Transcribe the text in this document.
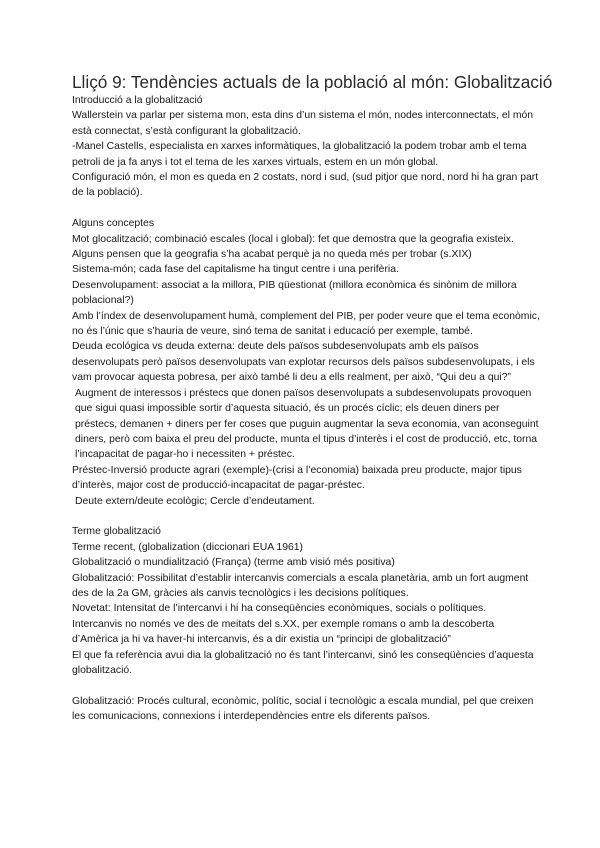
Lliçó 9: Tendències actuals de la població al món: Globalització

Introducció a la globalització

Wallerstein va parlar per sistema mon, esta dins d’un sistema el món, nodes interconnectats, el món està connectat, s’està configurant la globalització.

-Manel Castells, especialista en xarxes informàtiques, la globalització la podem trobar amb el tema petroli de ja fa anys i tot el tema de les xarxes virtuals, estem en un món global.

Configuració món, el mon es queda en 2 costats, nord i sud, (sud pitjor que nord, nord hi ha gran part de la població).

Alguns conceptes

Mot glocalització; combinació escales (local i global): fet que demostra que la geografia existeix.

Alguns pensen que la geografia s’ha acabat perquè ja no queda més per trobar (s.XIX)

Sistema-món; cada fase del capitalisme ha tingut centre i una perifèria.

Desenvolupament: associat a la millora, PIB qüestionat (millora econòmica és sinònim de millora poblacional?)

Amb l’índex de desenvolupament humà, complement del PIB, per poder veure que el tema econòmic, no és l’únic que s’hauria de veure, sinó tema de sanitat i educació per exemple, també.

Deuda ecológica vs deuda externa: deute dels països subdesenvolupats amb els països desenvolupats però països desenvolupats van explotar recursos dels països subdesenvolupats, i els vam provocar aquesta pobresa, per això també li deu a ells realment, per això, “Qui deu a qui?”

Augment de interessos i préstecs que donen països desenvolupats a subdesenvolupats provoquen que sigui quasi impossible sortir d’aquesta situació, és un procés cíclic; els deuen diners per préstecs, demanen + diners per fer coses que puguin augmentar la seva economia, van aconseguint diners, però com baixa el preu del producte, munta el tipus d’interès i el cost de producció, etc, torna l’incapacitat de pagar-ho i necessiten + préstec.

Préstec-Inversió producte agrari (exemple)-(crisi a l’economia) baixada preu producte, major tipus d’interès, major cost de producció-incapacitat de pagar-préstec.

Deute extern/deute ecològic; Cercle d’endeutament.

Terme globalització

Terme recent, (globalization (diccionari EUA 1961)

Globalització o mundialització (França) (terme amb visió més positiva)

Globalització: Possibilitat d’establir intercanvis comercials a escala planetària, amb un fort augment des de la 2a GM, gràcies als canvis tecnològics i les decisions polítiques.

Novetat: Intensitat de l’intercanvi i hi ha conseqüències econòmiques, socials o polítiques.

Intercanvis no només ve des de meitats del s.XX, per exemple romans o amb la descoberta d’Amèrica ja hi va haver-hi intercanvis, és a dir existia un “principi de globalització”

El que fa referència avui dia la globalització no és tant l’intercanvi, sinó les conseqüències d’aquesta globalització.

Globalització: Procés cultural, econòmic, polític, social i tecnològic a escala mundial, pel que creixen les comunicacions, connexions i interdependències entre els diferents països.
